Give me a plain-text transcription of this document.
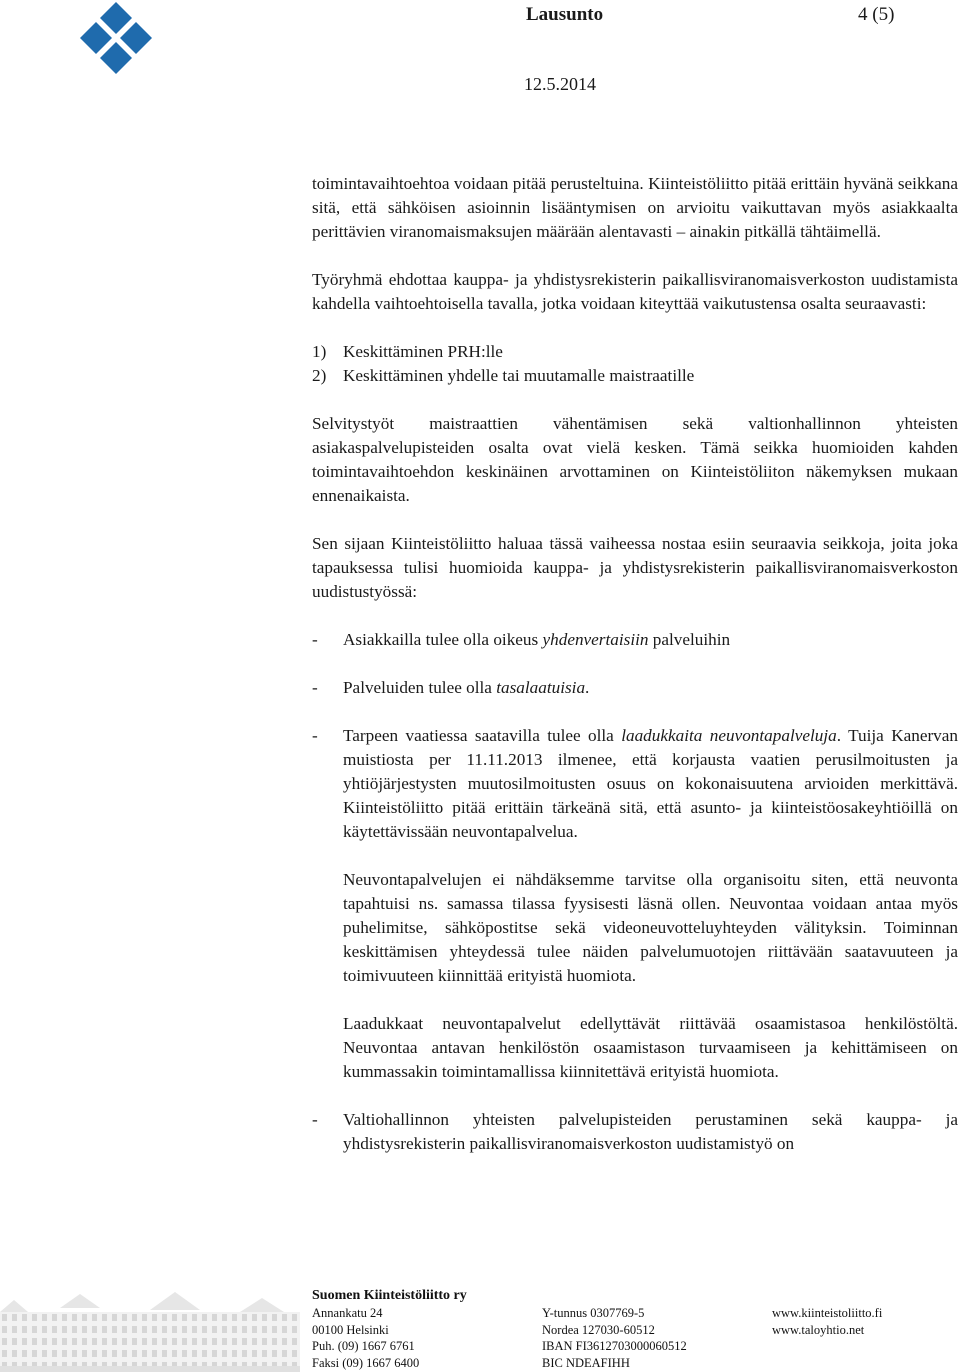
Lausunto	4 (5)
12.5.2014

toimintavaihtoehtoa voidaan pitää perusteltuina. Kiinteistöliitto pitää erittäin hyvänä seikkana sitä, että sähköisen asioinnin lisääntymisen on arvioitu vaikuttavan myös asiakkaalta perittävien viranomaismaksujen määrään alentavasti – ainakin pitkällä tähtäimellä.

Työryhmä ehdottaa kauppa- ja yhdistysrekisterin paikallisviranomaisverkoston uudistamista kahdella vaihtoehtoisella tavalla, jotka voidaan kiteyttää vaikutustensa osalta seuraavasti:

1) Keskittäminen PRH:lle
2) Keskittäminen yhdelle tai muutamalle maistraatille

Selvitystyöt maistraattien vähentämisen sekä valtionhallinnon yhteisten asiakaspalvelupisteiden osalta ovat vielä kesken. Tämä seikka huomioiden kahden toimintavaihtoehdon keskinäinen arvottaminen on Kiinteistöliiton näkemyksen mukaan ennenaikaista.

Sen sijaan Kiinteistöliitto haluaa tässä vaiheessa nostaa esiin seuraavia seikkoja, joita joka tapauksessa tulisi huomioida kauppa- ja yhdistysrekisterin paikallisviranomaisverkoston uudistustyössä:

-	Asiakkailla tulee olla oikeus yhdenvertaisiin palveluihin
-	Palveluiden tulee olla tasalaatuisia.
-	Tarpeen vaatiessa saatavilla tulee olla laadukkaita neuvontapalveluja. Tuija Kanervan muistiosta per 11.11.2013 ilmenee, että korjausta vaatien perusilmoitusten ja yhtiöjärjestysten muutosilmoitusten osuus on kokonaisuutena arvioiden merkittävä. Kiinteistöliitto pitää erittäin tärkeänä sitä, että asunto- ja kiinteistöosakeyhtiöillä on käytettävissään neuvontapalvelua.
Neuvontapalvelujen ei nähdäksemme tarvitse olla organisoitu siten, että neuvonta tapahtuisi ns. samassa tilassa fyysisesti läsnä ollen. Neuvontaa voidaan antaa myös puhelimitse, sähköpostitse sekä videoneuvotteluyhteyden välityksin. Toiminnan keskittämisen yhteydessä tulee näiden palvelumuotojen riittävään saatavuuteen ja toimivuuteen kiinnittää erityistä huomiota.
Laadukkaat neuvontapalvelut edellyttävät riittävää osaamistasoa henkilöstöltä. Neuvontaa antavan henkilöstön osaamistason turvaamiseen ja kehittämiseen on kummassakin toimintamallissa kiinnitettävä erityistä huomiota.
-	Valtiohallinnon yhteisten palvelupisteiden perustaminen sekä kauppa- ja yhdistysrekisterin paikallisviranomaisverkoston uudistamistyö on
Suomen Kiinteistöliitto ry
Annankatu 24
00100 Helsinki
Puh. (09) 1667 6761
Faksi (09) 1667 6400
Y-tunnus 0307769-5
Nordea 127030-60512
IBAN FI3612703000060512
BIC NDEAFIHH
www.kiinteistoliitto.fi
www.taloyhtio.net
